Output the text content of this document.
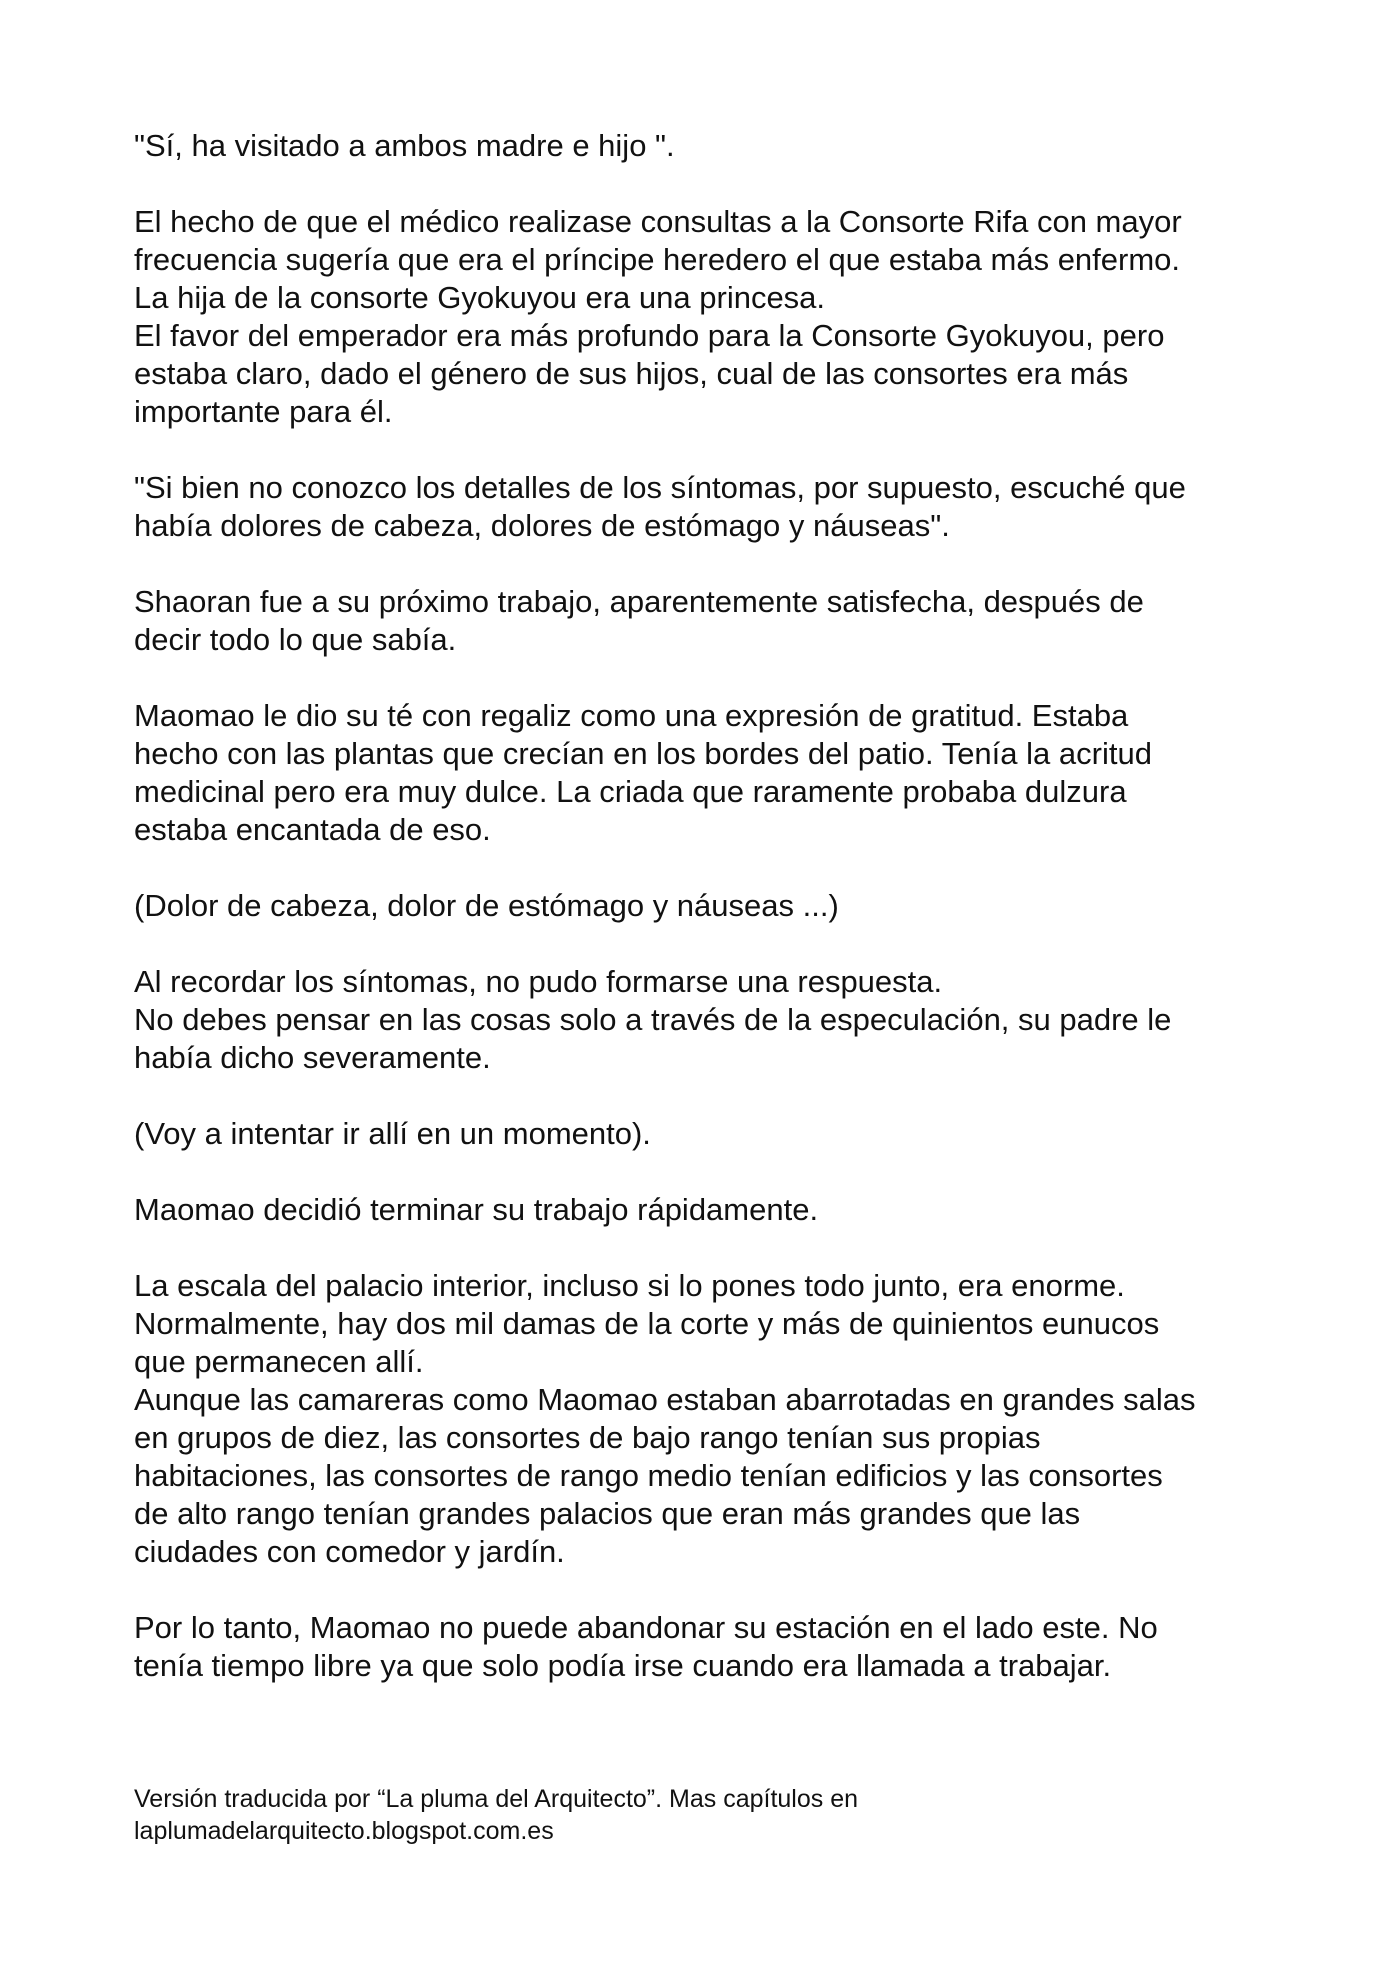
"Sí, ha visitado a ambos madre e hijo ".

El hecho de que el médico realizase consultas a la Consorte Rifa con mayor
frecuencia sugería que era el príncipe heredero el que estaba más enfermo.
La hija de la consorte Gyokuyou era una princesa.
El favor del emperador era más profundo para la Consorte Gyokuyou, pero
estaba claro, dado el género de sus hijos, cual de las consortes era más
importante para él.

"Si bien no conozco los detalles de los síntomas, por supuesto, escuché que
había dolores de cabeza, dolores de estómago y náuseas".

Shaoran fue a su próximo trabajo, aparentemente satisfecha, después de
decir todo lo que sabía.

Maomao le dio su té con regaliz como una expresión de gratitud. Estaba
hecho con las plantas que crecían en los bordes del patio. Tenía la acritud
medicinal pero era muy dulce. La criada que raramente probaba dulzura
estaba encantada de eso.

(Dolor de cabeza, dolor de estómago y náuseas ...)

Al recordar los síntomas, no pudo formarse una respuesta.
No debes pensar en las cosas solo a través de la especulación, su padre le
había dicho severamente.

(Voy a intentar ir allí en un momento).

Maomao decidió terminar su trabajo rápidamente.

La escala del palacio interior, incluso si lo pones todo junto, era enorme.
Normalmente, hay dos mil damas de la corte y más de quinientos eunucos
que permanecen allí.
Aunque las camareras como Maomao estaban abarrotadas en grandes salas
en grupos de diez, las consortes de bajo rango tenían sus propias
habitaciones, las consortes de rango medio tenían edificios y las consortes
de alto rango tenían grandes palacios que eran más grandes que las
ciudades con comedor y jardín.

Por lo tanto, Maomao no puede abandonar su estación en el lado este. No
tenía tiempo libre ya que solo podía irse cuando era llamada a trabajar.

Versión traducida por “La pluma del Arquitecto”. Mas capítulos en
laplumadelarquitecto.blogspot.com.es
